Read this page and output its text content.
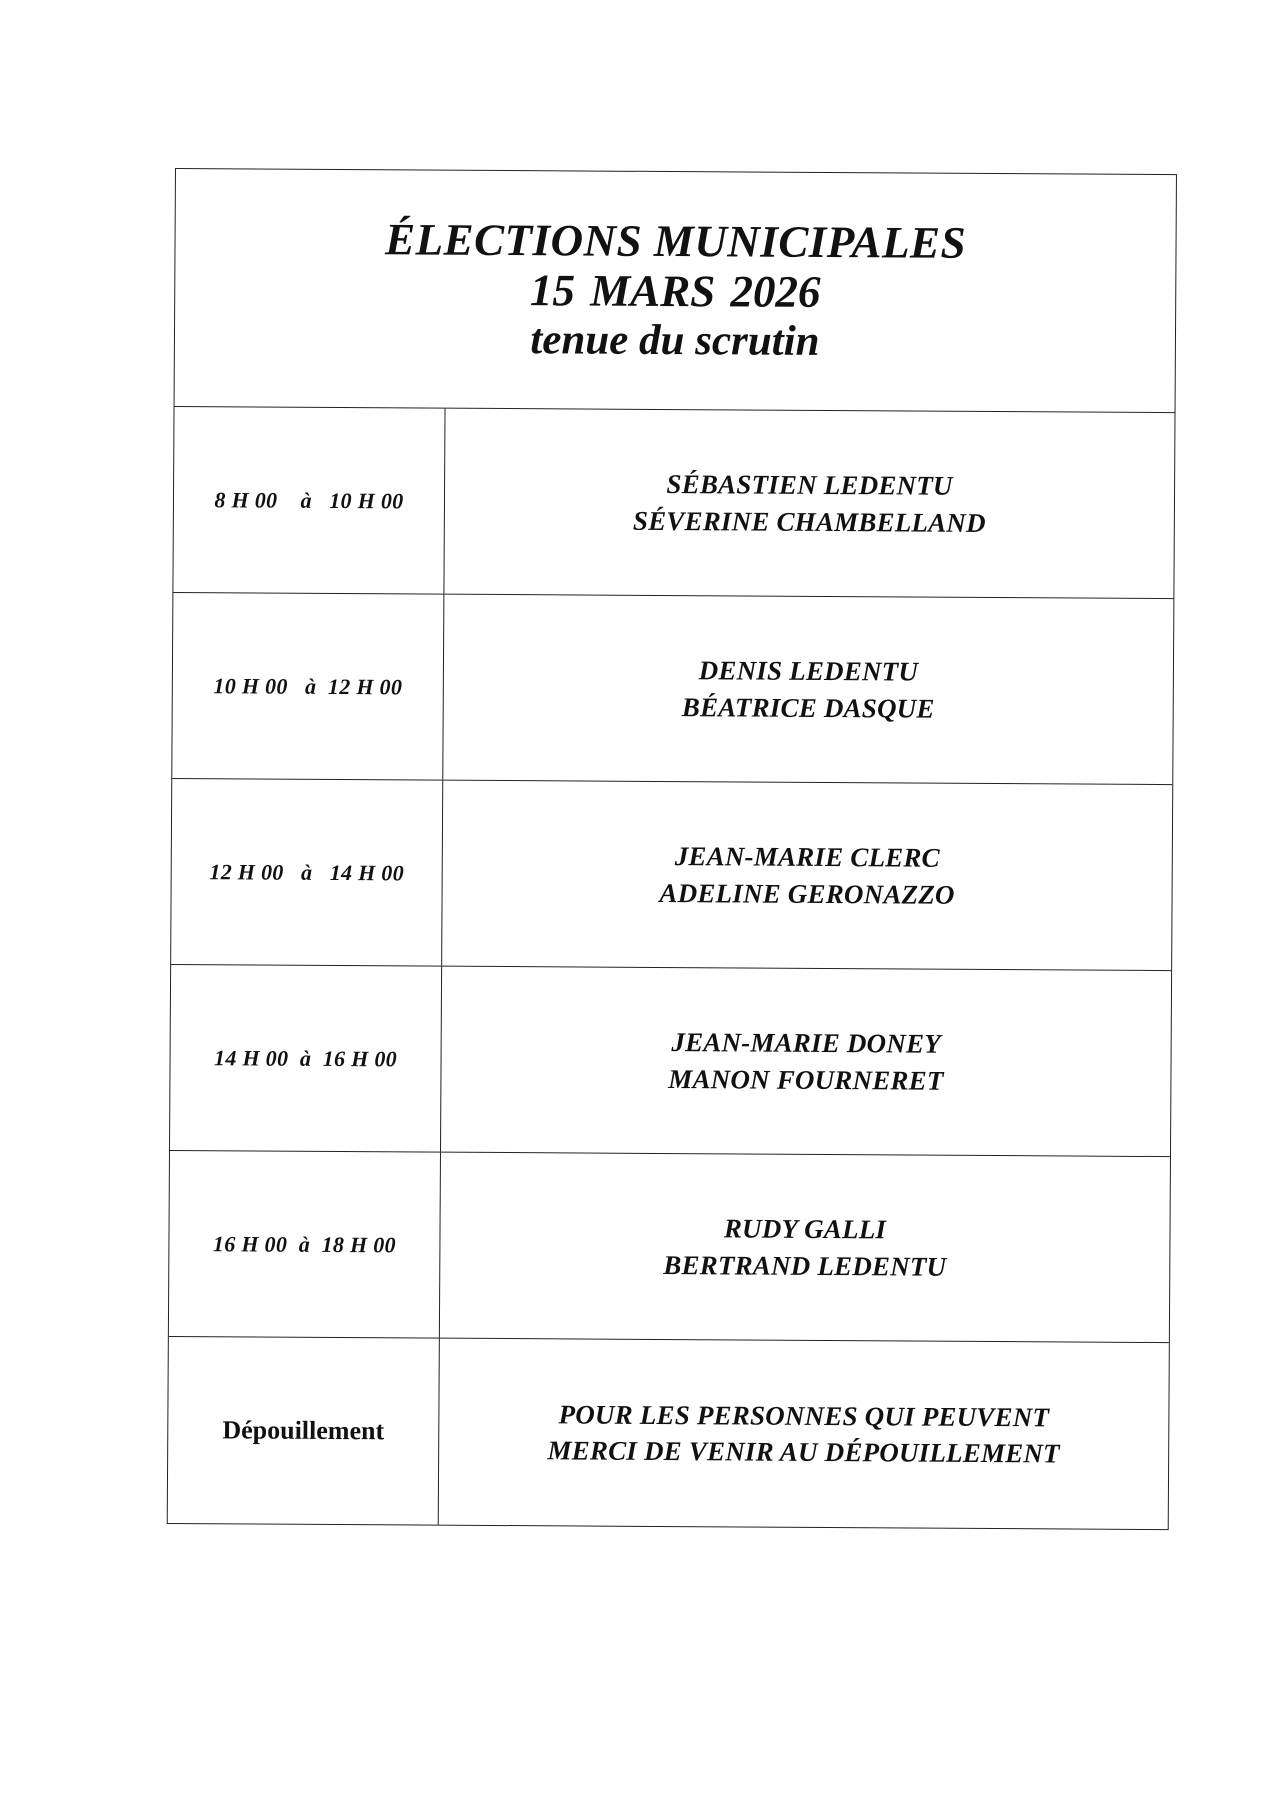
ÉLECTIONS MUNICIPALES
15 MARS 2026
tenue du scrutin
8 H 00    à   10 H 00	SÉBASTIEN LEDENTU
SÉVERINE CHAMBELLAND
10 H 00   à  12 H 00	DENIS LEDENTU
BÉATRICE DASQUE
12 H 00   à   14 H 00	JEAN-MARIE CLERC
ADELINE GERONAZZO
14 H 00  à  16 H 00	JEAN-MARIE DONEY
MANON FOURNERET
16 H 00  à  18 H 00	RUDY GALLI
BERTRAND LEDENTU
Dépouillement	POUR LES PERSONNES QUI PEUVENT
MERCI DE VENIR AU DÉPOUILLEMENT
